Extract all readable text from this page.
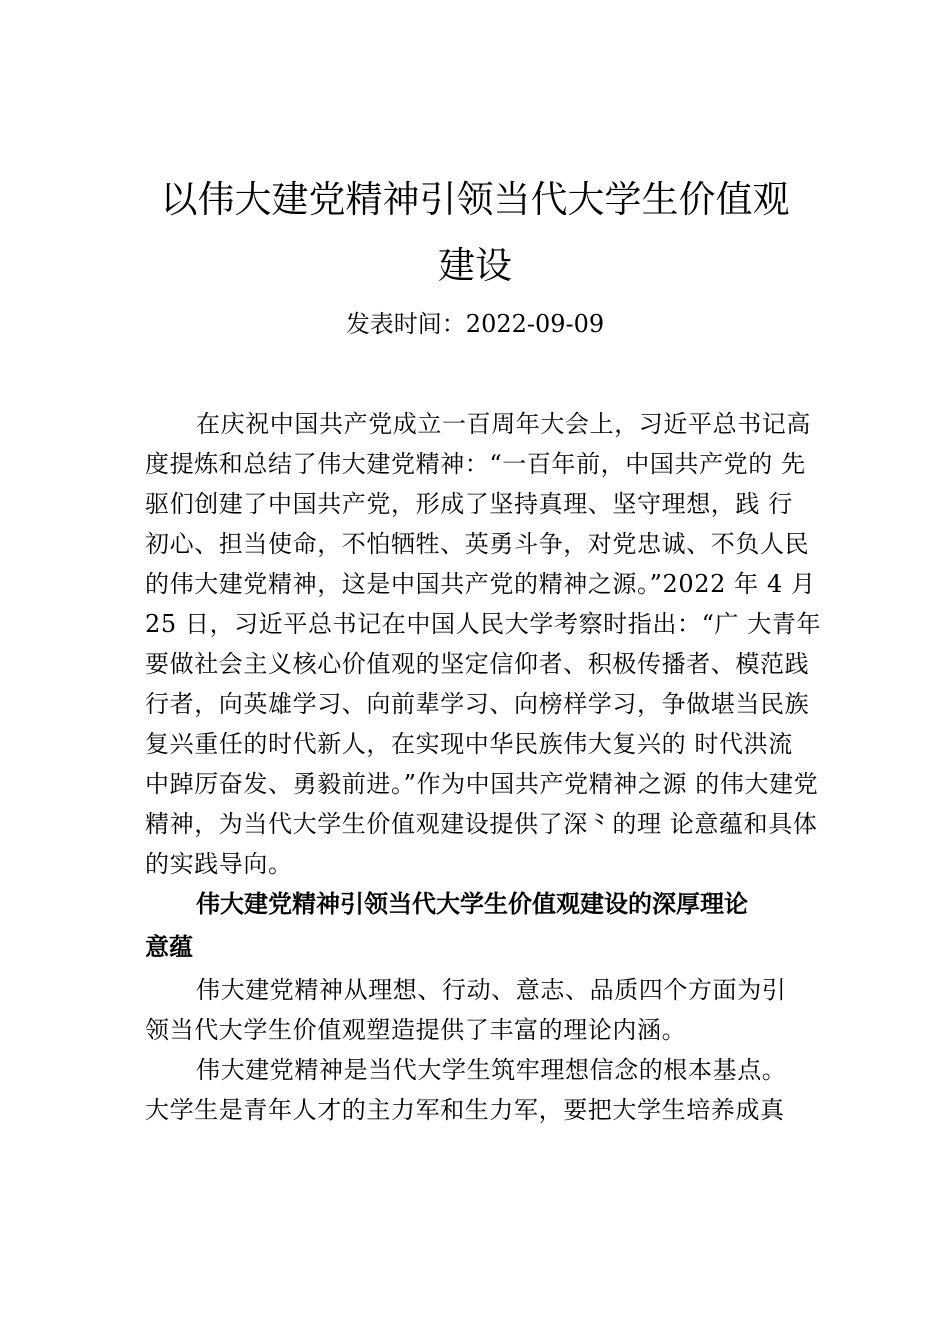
以伟大建党精神引领当代大学生价值观
建设
发表时间：2022-09-09
在庆祝中国共产党成立一百周年大会上，习近平总书记高
度提炼和总结了伟大建党精神：“一百年前，中国共产党的 先
驱们创建了中国共产党，形成了坚持真理、坚守理想，践 行
初心、担当使命，不怕牺牲、英勇斗争，对党忠诚、不负人民
的伟大建党精神，这是中国共产党的精神之源。”2022 年 4 月
25 日，习近平总书记在中国人民大学考察时指出：“广 大青年
要做社会主义核心价值观的坚定信仰者、积极传播者、模范践
行者，向英雄学习、向前辈学习、向榜样学习，争做堪当民族
复兴重任的时代新人，在实现中华民族伟大复兴的 时代洪流
中踔厉奋发、勇毅前进。”作为中国共产党精神之源 的伟大建党
精神，为当代大学生价值观建设提供了深⺀的理 论意蕴和具体
的实践导向。
伟大建党精神引领当代大学生价值观建设的深厚理论
意蕴
伟大建党精神从理想、行动、意志、品质四个方面为引
领当代大学生价值观塑造提供了丰富的理论内涵。
伟大建党精神是当代大学生筑牢理想信念的根本基点。
大学生是青年人才的主力军和生力军，要把大学生培养成真
